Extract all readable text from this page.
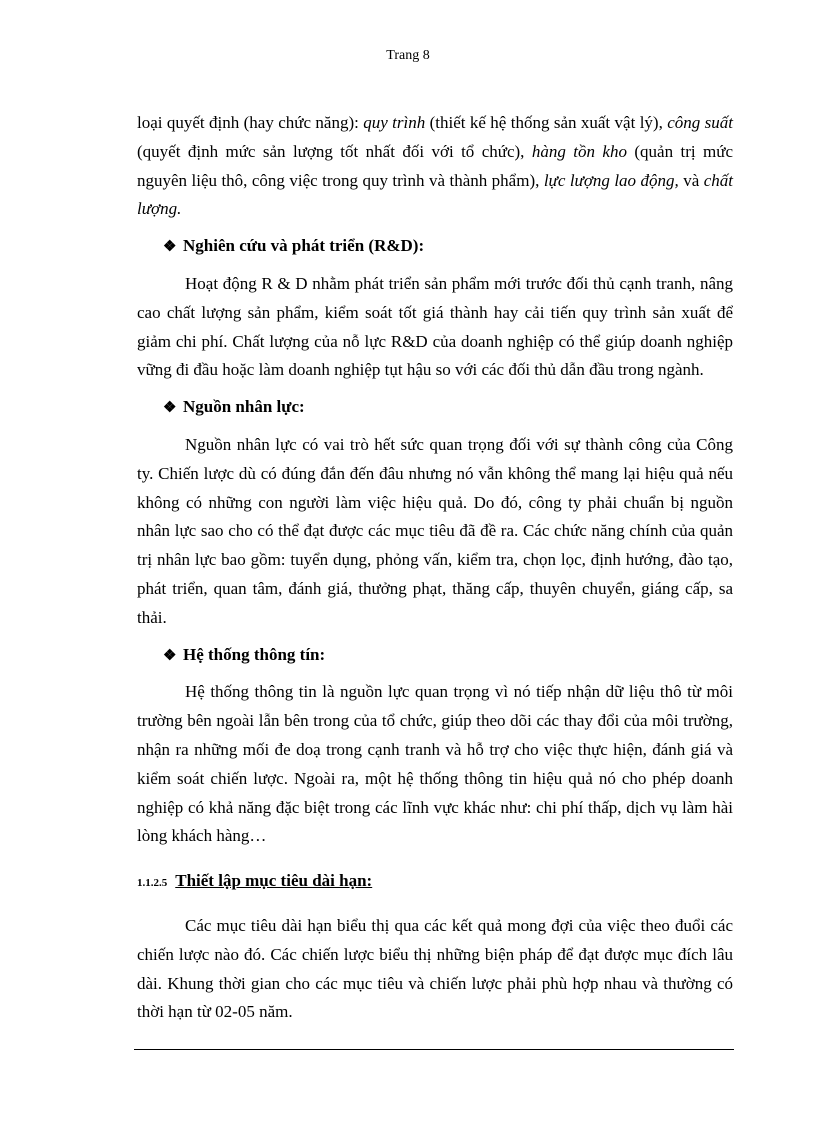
Trang 8

loại quyết định (hay chức năng): quy trình (thiết kế hệ thống sản xuất vật lý), công suất (quyết định mức sản lượng tốt nhất đối với tổ chức), hàng tồn kho (quản trị mức nguyên liệu thô, công việc trong quy trình và thành phẩm), lực lượng lao động, và chất lượng.

❖ Nghiên cứu và phát triển (R&D):

Hoạt động R & D nhằm phát triển sản phẩm mới trước đối thủ cạnh tranh, nâng cao chất lượng sản phẩm, kiểm soát tốt giá thành hay cải tiến quy trình sản xuất để giảm chi phí. Chất lượng của nỗ lực R&D của doanh nghiệp có thể giúp doanh nghiệp vững đi đầu hoặc làm doanh nghiệp tụt hậu so với các đối thủ dẫn đầu trong ngành.

❖ Nguồn nhân lực:

Nguồn nhân lực có vai trò hết sức quan trọng đối với sự thành công của Công ty. Chiến lược dù có đúng đắn đến đâu nhưng nó vẫn không thể mang lại hiệu quả nếu không có những con người làm việc hiệu quả. Do đó, công ty phải chuẩn bị nguồn nhân lực sao cho có thể đạt được các mục tiêu đã đề ra. Các chức năng chính của quản trị nhân lực bao gồm: tuyển dụng, phỏng vấn, kiểm tra, chọn lọc, định hướng, đào tạo, phát triển, quan tâm, đánh giá, thưởng phạt, thăng cấp, thuyên chuyển, giáng cấp, sa thải.

❖ Hệ thống thông tín:

Hệ thống thông tin là nguồn lực quan trọng vì nó tiếp nhận dữ liệu thô từ môi trường bên ngoài lẫn bên trong của tổ chức, giúp theo dõi các thay đổi của môi trường, nhận ra những mối đe doạ trong cạnh tranh và hỗ trợ cho việc thực hiện, đánh giá và kiểm soát chiến lược. Ngoài ra, một hệ thống thông tin hiệu quả nó cho phép doanh nghiệp có khả năng đặc biệt trong các lĩnh vực khác như: chi phí thấp, dịch vụ làm hài lòng khách hàng…

1.1.2.5 Thiết lập mục tiêu dài hạn:

Các mục tiêu dài hạn biểu thị qua các kết quả mong đợi của việc theo đuổi các chiến lược nào đó. Các chiến lược biểu thị những biện pháp để đạt được mục đích lâu dài. Khung thời gian cho các mục tiêu và chiến lược phải phù hợp nhau và thường có thời hạn từ 02-05 năm.
